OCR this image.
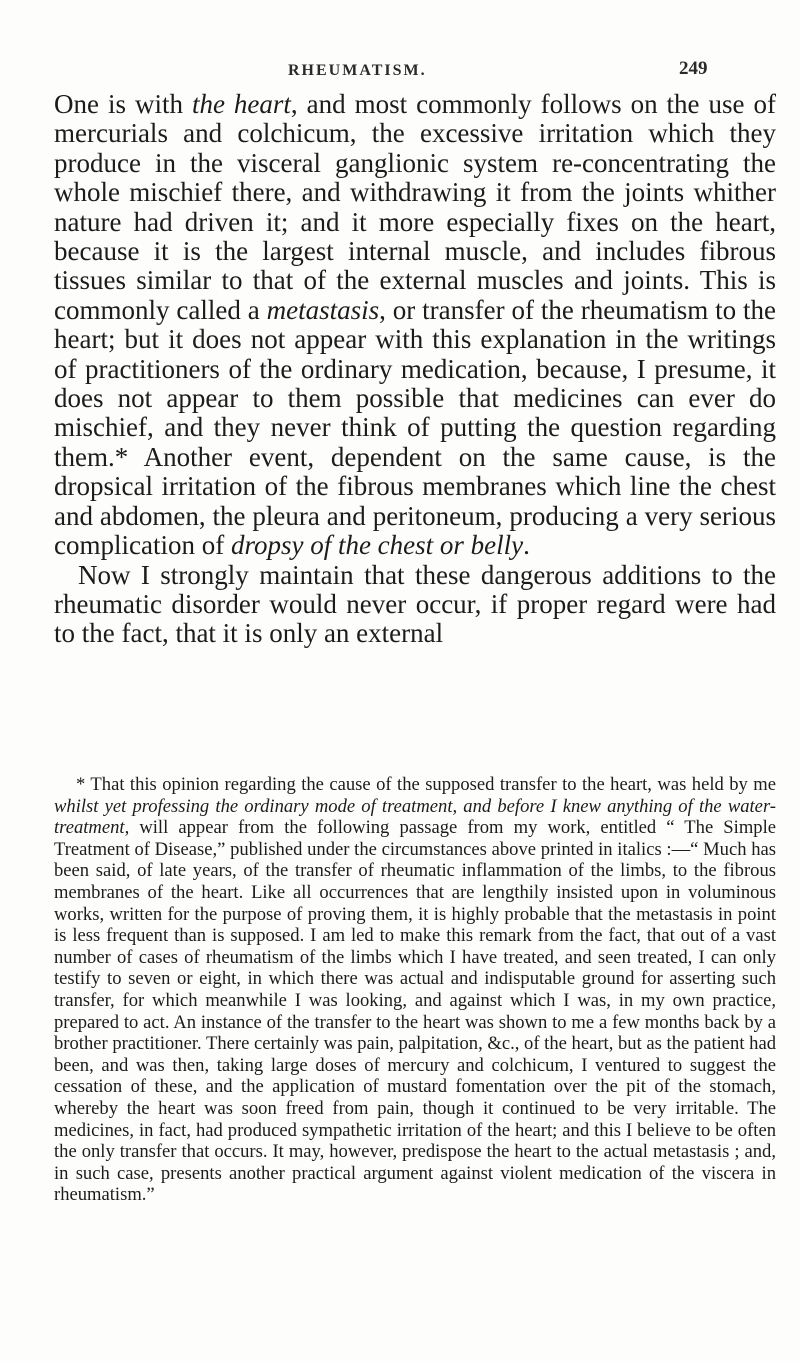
RHEUMATISM.	249

One is with the heart, and most commonly follows on the use of mercurials and colchicum, the excessive irritation which they produce in the visceral ganglionic system re-concentrating the whole mischief there, and withdrawing it from the joints whither nature had driven it; and it more especially fixes on the heart, because it is the largest internal muscle, and includes fibrous tissues similar to that of the external muscles and joints. This is commonly called a metastasis, or transfer of the rheumatism to the heart; but it does not appear with this explanation in the writings of practitioners of the ordinary medication, because, I presume, it does not appear to them possible that medicines can ever do mischief, and they never think of putting the question regarding them.* Another event, dependent on the same cause, is the dropsical irritation of the fibrous membranes which line the chest and abdomen, the pleura and peritoneum, producing a very serious complication of dropsy of the chest or belly.

Now I strongly maintain that these dangerous additions to the rheumatic disorder would never occur, if proper regard were had to the fact, that it is only an external

* That this opinion regarding the cause of the supposed transfer to the heart, was held by me whilst yet professing the ordinary mode of treatment, and before I knew anything of the water-treatment, will appear from the following passage from my work, entitled “ The Simple Treatment of Disease,” published under the circumstances above printed in italics :—“ Much has been said, of late years, of the transfer of rheumatic inflammation of the limbs, to the fibrous membranes of the heart. Like all occurrences that are lengthily insisted upon in voluminous works, written for the purpose of proving them, it is highly probable that the metastasis in point is less frequent than is supposed. I am led to make this remark from the fact, that out of a vast number of cases of rheumatism of the limbs which I have treated, and seen treated, I can only testify to seven or eight, in which there was actual and indisputable ground for asserting such transfer, for which meanwhile I was looking, and against which I was, in my own practice, prepared to act. An instance of the transfer to the heart was shown to me a few months back by a brother practitioner. There certainly was pain, palpitation, &c., of the heart, but as the patient had been, and was then, taking large doses of mercury and colchicum, I ventured to suggest the cessation of these, and the application of mustard fomentation over the pit of the stomach, whereby the heart was soon freed from pain, though it continued to be very irritable. The medicines, in fact, had produced sympathetic irritation of the heart; and this I believe to be often the only transfer that occurs. It may, however, predispose the heart to the actual metastasis ; and, in such case, presents another practical argument against violent medication of the viscera in rheumatism.”
